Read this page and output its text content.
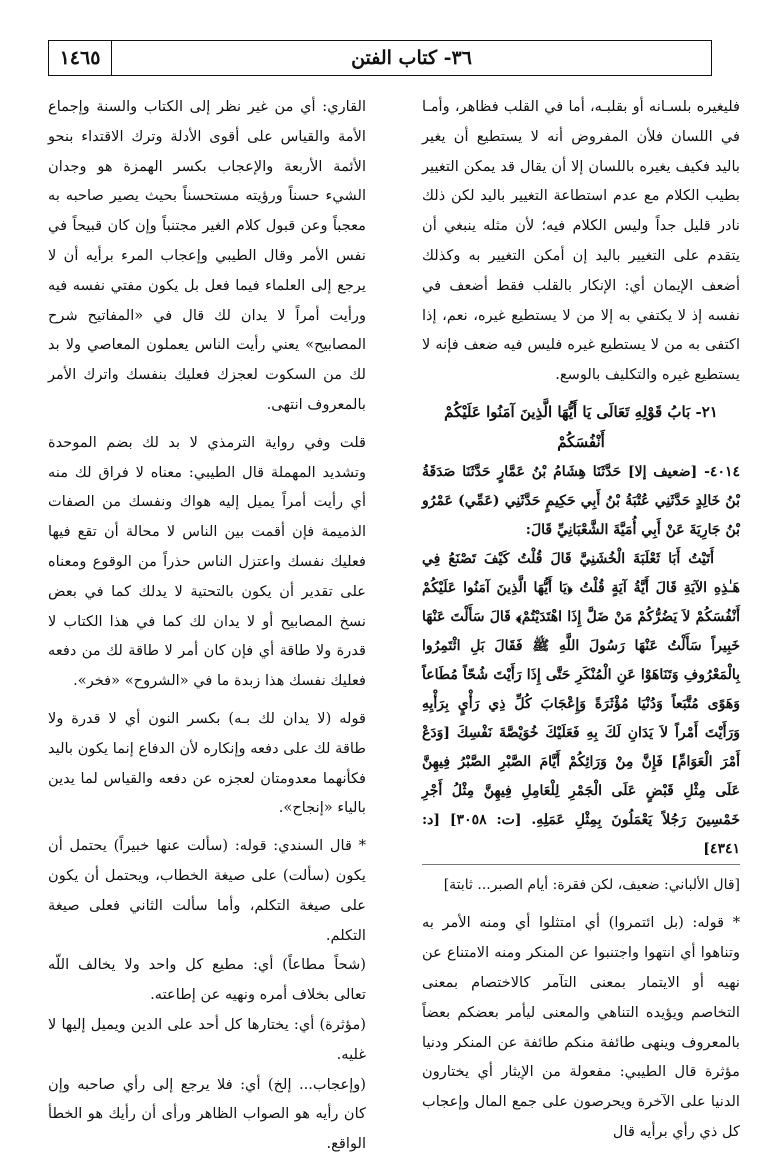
١٤٦٥	٣٦- كتاب الفتن

فليغيره بلسـانه أو بقلبـه، أما في القلب فظاهر، وأمـا في اللسان فلأن المفروض أنه لا يستطيع أن يغير باليد فكيف يغيره باللسان إلا أن يقال قد يمكن التغيير بطيب الكلام مع عدم استطاعة التغيير باليد لكن ذلك نادر قليل جداً وليس الكلام فيه؛ لأن مثله ينبغي أن يتقدم على التغيير باليد إن أمكن التغيير به وكذلك أضعف الإيمان أي: الإنكار بالقلب فقط أضعف في نفسه إذ لا يكتفي به إلا من لا يستطيع غيره، نعم، إذا اكتفى به من لا يستطيع غيره فليس فيه ضعف فإنه لا يستطيع غيره والتكليف بالوسع.

٢١- بَابُ قَوْلِهِ تَعَالَى يَا أَيُّهَا الَّذِينَ آمَنُوا عَلَيْكُمْ أَنْفُسَكُمْ

٤٠١٤- [ضعيف إلا] حَدَّثَنَا هِشَامُ بْنُ عَمَّارٍ حَدَّثَنَا صَدَقَةُ بْنُ خَالِدٍ حَدَّثَنِي عُتْبَةُ بْنُ أَبِي حَكِيمٍ حَدَّثَنِي (عَمِّي) عَمْرُو بْنُ جَارِيَةَ عَنْ أَبِي أُمَيَّةَ الشَّعْبَانِيِّ قَالَ:

أَتَيْتُ أَبَا ثَعْلَبَةَ الْخُشَنِيَّ قَالَ قُلْتُ كَيْفَ تَصْنَعُ فِي هَـٰذِهِ الآيَةِ قَالَ أَيَّةُ آيَةٍ قُلْتُ ﴿يَا أَيُّهَا الَّذِينَ آمَنُوا عَلَيْكُمْ أَنْفُسَكُمْ لاَ يَضُرُّكُمْ مَنْ ضَلَّ إِذَا اهْتَدَيْتُمْ﴾ قَالَ سَأَلْتَ عَنْهَا خَبِيراً سَأَلْتُ عَنْهَا رَسُولَ اللَّهِ ﷺ فَقَالَ بَلِ ائْتَمِرُوا بِالْمَعْرُوفِ وَتَنَاهَوْا عَنِ الْمُنْكَرِ حَتَّى إِذَا رَأَيْتَ شُحّاً مُطَاعاً وَهَوًى مُتَّبَعاً وَدُنْيَا مُؤْثَرَةً وَإِعْجَابَ كُلِّ ذِي رَأْيٍ بِرَأْيِهِ وَرَأَيْتَ أَمْراً لاَ يَدَانِ لَكَ بِهِ فَعَلَيْكَ خُوَيْصَّةَ نَفْسِكَ [وَدَعْ أَمْرَ الْعَوَامِّ] فَإِنَّ مِنْ وَرَائِكُمْ أَيَّامَ الصَّبْرِ الصَّبْرُ فِيهِنَّ عَلَى مِثْلِ قَبْضٍ عَلَى الْجَمْرِ لِلْعَامِلِ فِيهِنَّ مِثْلُ أَجْرِ خَمْسِينَ رَجُلاً يَعْمَلُونَ بِمِثْلِ عَمَلِهِ. [ت: ٣٠٥٨] [د: ٤٣٤١]

[قال الألباني: ضعيف، لكن فقرة: أيام الصبر... ثابتة]

* قوله: (بل ائتمروا) أي امتثلوا أي ومنه الأمر به وتناهوا أي انتهوا واجتنبوا عن المنكر ومنه الامتناع عن نهيه أو الايتمار بمعنى التآمر كالاختصام بمعنى التخاصم ويؤيده التناهي والمعنى ليأمر بعضكم بعضاً بالمعروف وينهى طائفة منكم طائفة عن المنكر ودنيا مؤثرة قال الطيبي: مفعولة من الإيثار أي يختارون الدنيا على الآخرة ويحرصون على جمع المال وإعجاب كل ذي رأي برأيه قال

القاري: أي من غير نظر إلى الكتاب والسنة وإجماع الأمة والقياس على أقوى الأدلة وترك الاقتداء بنحو الأئمة الأربعة والإعجاب بكسر الهمزة هو وجدان الشيء حسناً ورؤيته مستحسناً بحيث يصير صاحبه به معجباً وعن قبول كلام الغير مجتنباً وإن كان قبيحاً في نفس الأمر وقال الطيبي وإعجاب المرء برأيه أن لا يرجع إلى العلماء فيما فعل بل يكون مفتي نفسه فيه ورأيت أمراً لا يدان لك قال في «المفاتيح شرح المصابيح» يعني رأيت الناس يعملون المعاصي ولا بد لك من السكوت لعجزك فعليك بنفسك واترك الأمر بالمعروف انتهى.

قلت وفي رواية الترمذي لا بد لك بضم الموحدة وتشديد المهملة قال الطيبي: معناه لا فراق لك منه أي رأيت أمراً يميل إليه هواك ونفسك من الصفات الذميمة فإن أقمت بين الناس لا محالة أن تقع فيها فعليك نفسك واعتزل الناس حذراً من الوقوع ومعناه على تقدير أن يكون بالتحتية لا يدلك كما في بعض نسخ المصابيح أو لا يدان لك كما في هذا الكتاب لا قدرة ولا طاقة أي فإن كان أمر لا طاقة لك من دفعه فعليك نفسك هذا زبدة ما في «الشروح» «فخر».

قوله (لا يدان لك بـه) بكسر النون أي لا قدرة ولا طاقة لك على دفعه وإنكاره لأن الدفاع إنما يكون باليد فكأنهما معدومتان لعجزه عن دفعه والقياس لما يدين بالياء «إنجاح».

* قال السندي: قوله: (سألت عنها خبيراً) يحتمل أن يكون (سألت) على صيغة الخطاب، ويحتمل أن يكون على صيغة التكلم، وأما سألت الثاني فعلى صيغة التكلم.

(شحاً مطاعاً) أي: مطيع كل واحد ولا يخالف اللّه تعالى بخلاف أمره ونهيه عن إطاعته.

(مؤثرة) أي: يختارها كل أحد على الدين ويميل إليها لا غليه.

(وإعجاب... إلخ) أي: فلا يرجع إلى رأي صاحبه وإن كان رأيه هو الصواب الظاهر ورأى أن رأيك هو الخطأ الواقع.
